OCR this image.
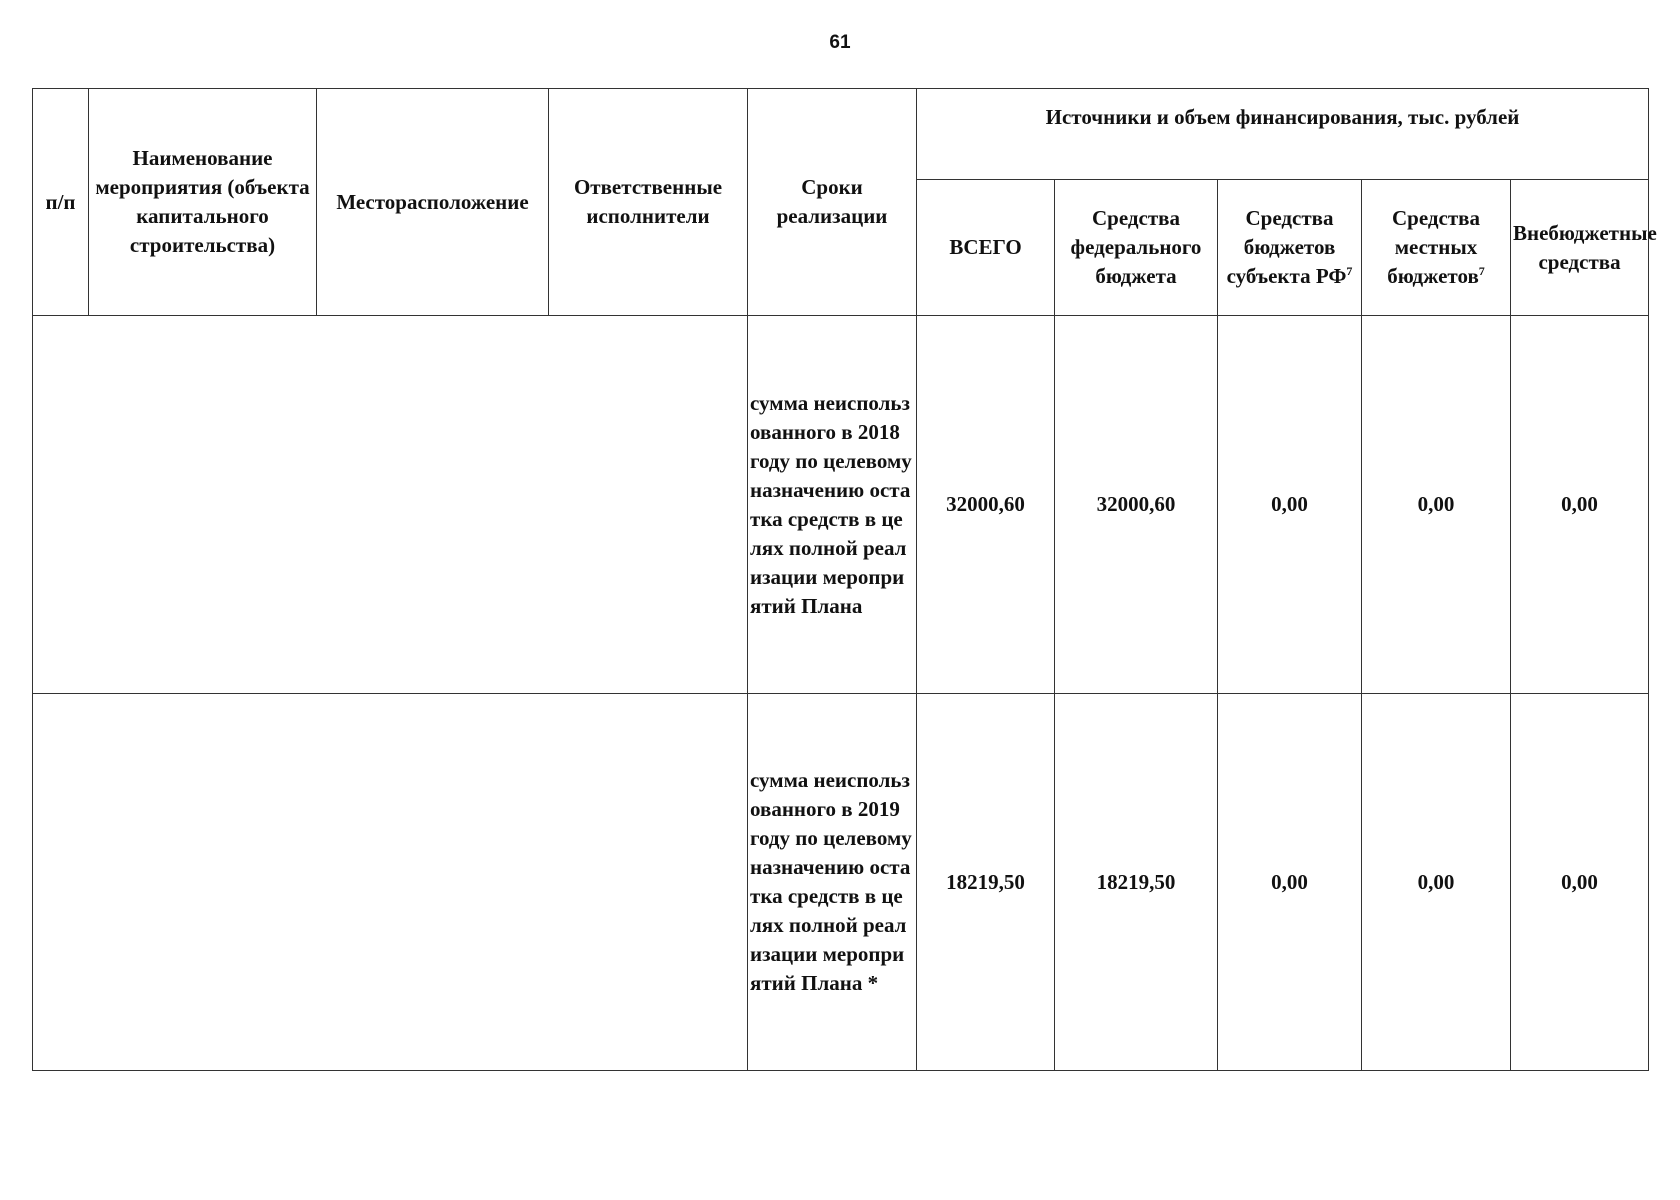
61
п/п	Наименование мероприятия (объекта капитального строительства)	Месторасположение	Ответственные исполнители	Сроки реализации	Источники и объем финансирования, тыс. рублей				
					ВСЕГО	Средства федерального бюджета	Средства бюджетов субъекта $РФ^7$	Средства местных бюджетов$^7$	Внебюджетные средства
				сумма неиспользованного в 2018 году по целевому назначению остатка средств в целях полной реализации мероприятий Плана	32000,60	32000,60	0,00	0,00	0,00
				сумма неиспользованного в 2019 году по целевому назначению остатка средств в целях полной реализации мероприятий Плана *	18219,50	18219,50	0,00	0,00	0,00
